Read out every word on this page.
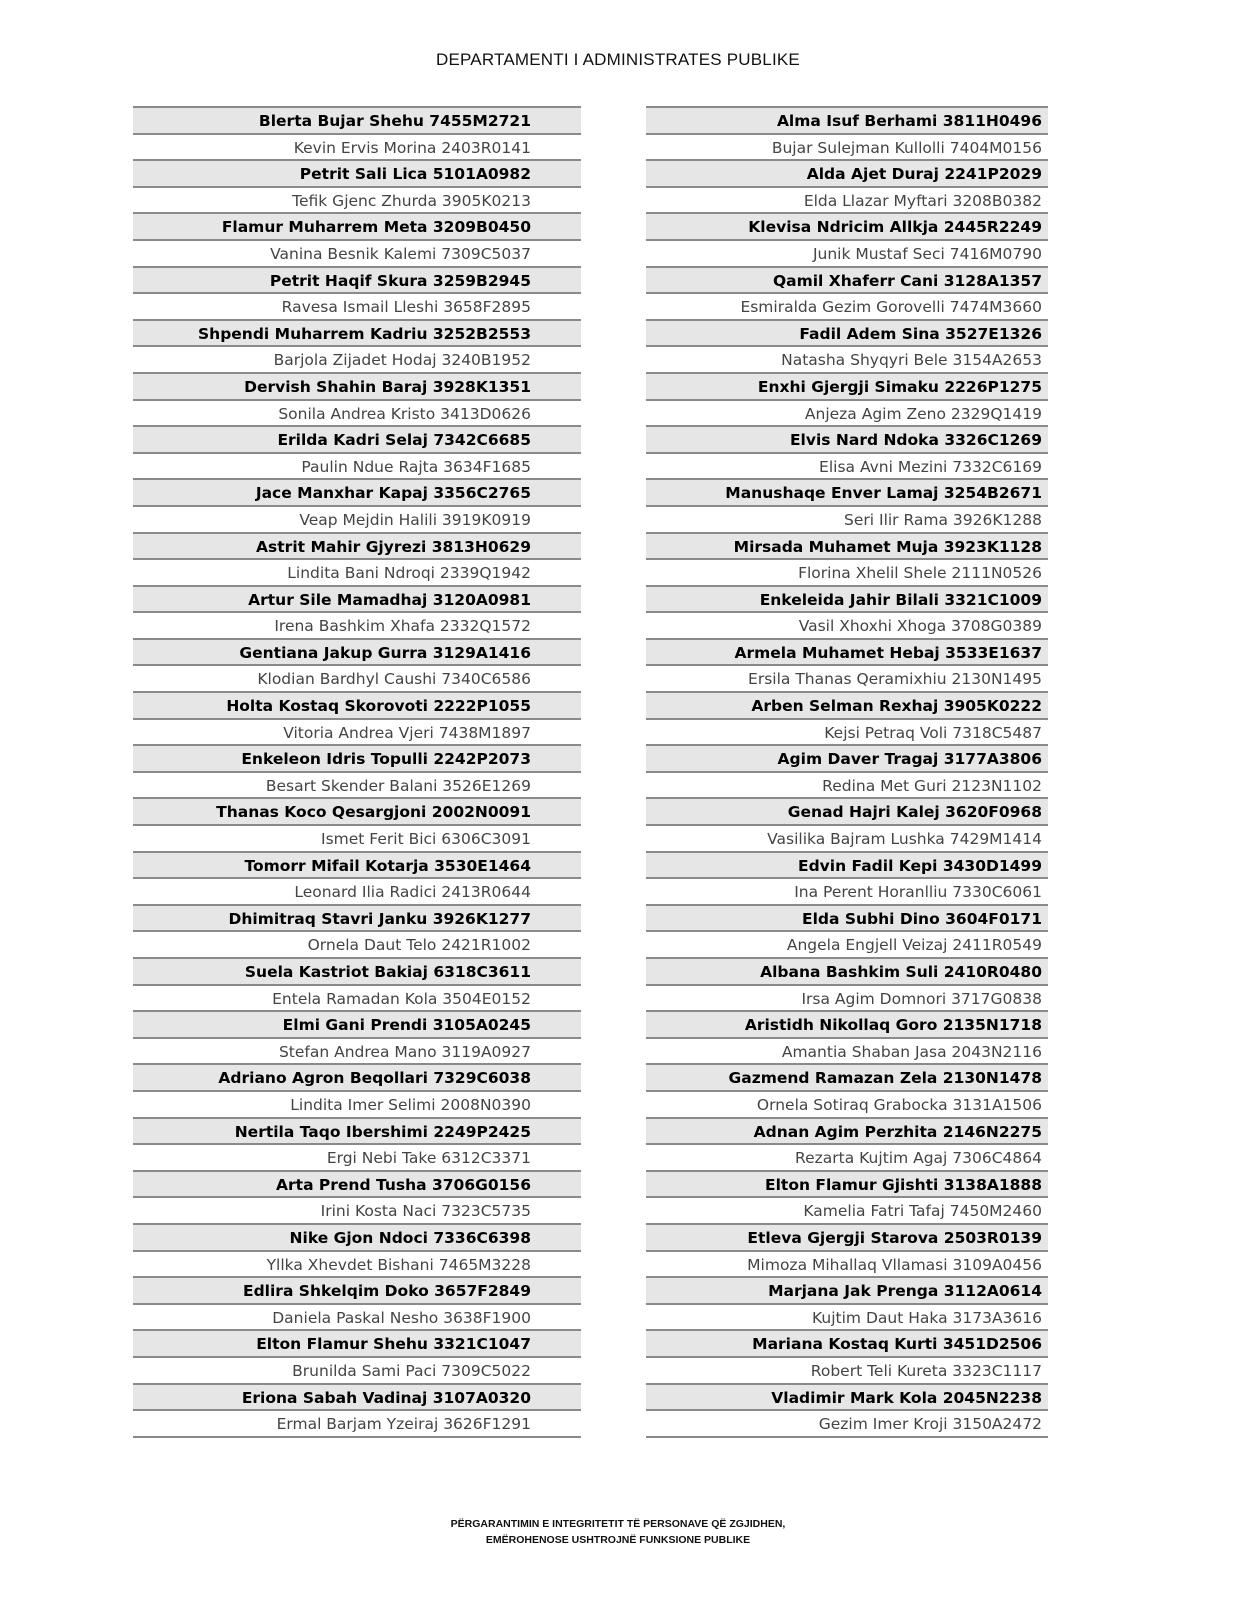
DEPARTAMENTI I ADMINISTRATES PUBLIKE
Blerta Bujar Shehu 7455M2721
Kevin Ervis Morina 2403R0141
Petrit Sali Lica 5101A0982
Tefik Gjenc Zhurda 3905K0213
Flamur Muharrem Meta 3209B0450
Vanina Besnik Kalemi 7309C5037
Petrit Haqif Skura 3259B2945
Ravesa Ismail Lleshi 3658F2895
Shpendi Muharrem Kadriu 3252B2553
Barjola Zijadet Hodaj 3240B1952
Dervish Shahin Baraj 3928K1351
Sonila Andrea Kristo 3413D0626
Erilda Kadri Selaj 7342C6685
Paulin Ndue Rajta 3634F1685
Jace Manxhar Kapaj 3356C2765
Veap Mejdin Halili 3919K0919
Astrit Mahir Gjyrezi 3813H0629
Lindita Bani Ndroqi 2339Q1942
Artur Sile Mamadhaj 3120A0981
Irena Bashkim Xhafa 2332Q1572
Gentiana Jakup Gurra 3129A1416
Klodian Bardhyl Caushi 7340C6586
Holta Kostaq Skorovoti 2222P1055
Vitoria Andrea Vjeri 7438M1897
Enkeleon Idris Topulli 2242P2073
Besart Skender Balani 3526E1269
Thanas Koco Qesargjoni 2002N0091
Ismet Ferit Bici 6306C3091
Tomorr Mifail Kotarja 3530E1464
Leonard Ilia Radici 2413R0644
Dhimitraq Stavri Janku 3926K1277
Ornela Daut Telo 2421R1002
Suela Kastriot Bakiaj 6318C3611
Entela Ramadan Kola 3504E0152
Elmi Gani Prendi 3105A0245
Stefan Andrea Mano 3119A0927
Adriano Agron Beqollari 7329C6038
Lindita Imer Selimi 2008N0390
Nertila Taqo Ibershimi 2249P2425
Ergi Nebi Take 6312C3371
Arta Prend Tusha 3706G0156
Irini Kosta Naci 7323C5735
Nike Gjon Ndoci 7336C6398
Yllka Xhevdet Bishani 7465M3228
Edlira Shkelqim Doko 3657F2849
Daniela Paskal Nesho 3638F1900
Elton Flamur Shehu 3321C1047
Brunilda Sami Paci 7309C5022
Eriona Sabah Vadinaj 3107A0320
Ermal Barjam Yzeiraj 3626F1291
Alma Isuf Berhami 3811H0496
Bujar Sulejman Kullolli 7404M0156
Alda Ajet Duraj 2241P2029
Elda Llazar Myftari 3208B0382
Klevisa Ndricim Allkja 2445R2249
Junik Mustaf Seci 7416M0790
Qamil Xhaferr Cani 3128A1357
Esmiralda Gezim Gorovelli 7474M3660
Fadil Adem Sina 3527E1326
Natasha Shyqyri Bele 3154A2653
Enxhi Gjergji Simaku 2226P1275
Anjeza Agim Zeno 2329Q1419
Elvis Nard Ndoka 3326C1269
Elisa Avni Mezini 7332C6169
Manushaqe Enver Lamaj 3254B2671
Seri Ilir Rama 3926K1288
Mirsada Muhamet Muja 3923K1128
Florina Xhelil Shele 2111N0526
Enkeleida Jahir Bilali 3321C1009
Vasil Xhoxhi Xhoga 3708G0389
Armela Muhamet Hebaj 3533E1637
Ersila Thanas Qeramixhiu 2130N1495
Arben Selman Rexhaj 3905K0222
Kejsi Petraq Voli 7318C5487
Agim Daver Tragaj 3177A3806
Redina Met Guri 2123N1102
Genad Hajri Kalej 3620F0968
Vasilika Bajram Lushka 7429M1414
Edvin Fadil Kepi 3430D1499
Ina Perent Horanlliu 7330C6061
Elda Subhi Dino 3604F0171
Angela Engjell Veizaj 2411R0549
Albana Bashkim Suli 2410R0480
Irsa Agim Domnori 3717G0838
Aristidh Nikollaq Goro 2135N1718
Amantia Shaban Jasa 2043N2116
Gazmend Ramazan Zela 2130N1478
Ornela Sotiraq Grabocka 3131A1506
Adnan Agim Perzhita 2146N2275
Rezarta Kujtim Agaj 7306C4864
Elton Flamur Gjishti 3138A1888
Kamelia Fatri Tafaj 7450M2460
Etleva Gjergji Starova 2503R0139
Mimoza Mihallaq Vllamasi 3109A0456
Marjana Jak Prenga 3112A0614
Kujtim Daut Haka 3173A3616
Mariana Kostaq Kurti 3451D2506
Robert Teli Kureta 3323C1117
Vladimir Mark Kola 2045N2238
Gezim Imer Kroji 3150A2472
PËRGARANTIMIN E INTEGRITETIT TË PERSONAVE QË ZGJIDHEN,
EMËROHENOSE USHTROJNË FUNKSIONE PUBLIKE
